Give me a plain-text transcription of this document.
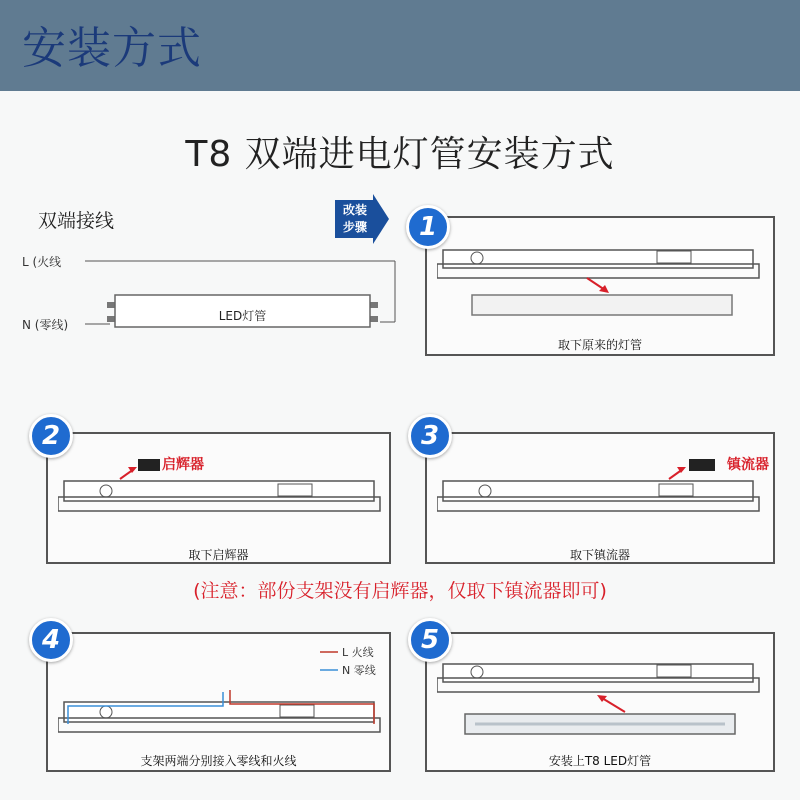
安装方式
T8 双端进电灯管安装方式
双端接线
L (火线
N (零线)
LED灯管
改装
步骤
取下原来的灯管
1
启辉器
取下启辉器
2
镇流器
取下镇流器
3
(注意：部份支架没有启辉器，仅取下镇流器即可)
L 火线
N 零线
支架两端分别接入零线和火线
4
安装上T8 LED灯管
5
